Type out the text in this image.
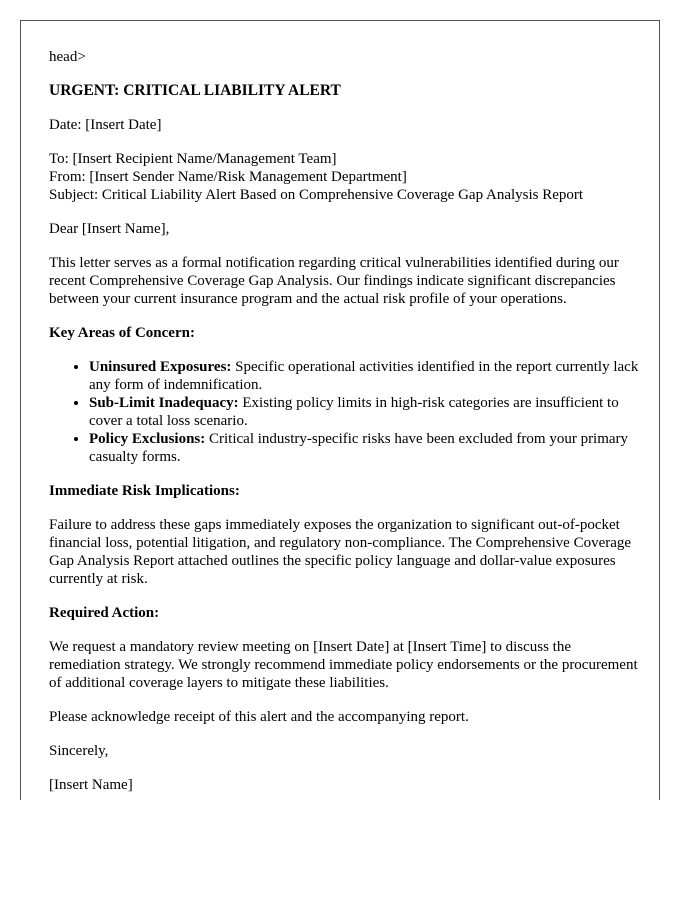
head>

URGENT: CRITICAL LIABILITY ALERT

Date: [Insert Date]

To: [Insert Recipient Name/Management Team]

From: [Insert Sender Name/Risk Management Department]

Subject: Critical Liability Alert Based on Comprehensive Coverage Gap Analysis Report

Dear [Insert Name],

This letter serves as a formal notification regarding critical vulnerabilities identified during our recent Comprehensive Coverage Gap Analysis. Our findings indicate significant discrepancies between your current insurance program and the actual risk profile of your operations.

Key Areas of Concern:

• Uninsured Exposures: Specific operational activities identified in the report currently lack any form of indemnification.
• Sub-Limit Inadequacy: Existing policy limits in high-risk categories are insufficient to cover a total loss scenario.
• Policy Exclusions: Critical industry-specific risks have been excluded from your primary casualty forms.

Immediate Risk Implications:

Failure to address these gaps immediately exposes the organization to significant out-of-pocket financial loss, potential litigation, and regulatory non-compliance. The Comprehensive Coverage Gap Analysis Report attached outlines the specific policy language and dollar-value exposures currently at risk.

Required Action:

We request a mandatory review meeting on [Insert Date] at [Insert Time] to discuss the remediation strategy. We strongly recommend immediate policy endorsements or the procurement of additional coverage layers to mitigate these liabilities.

Please acknowledge receipt of this alert and the accompanying report.

Sincerely,

[Insert Name]
